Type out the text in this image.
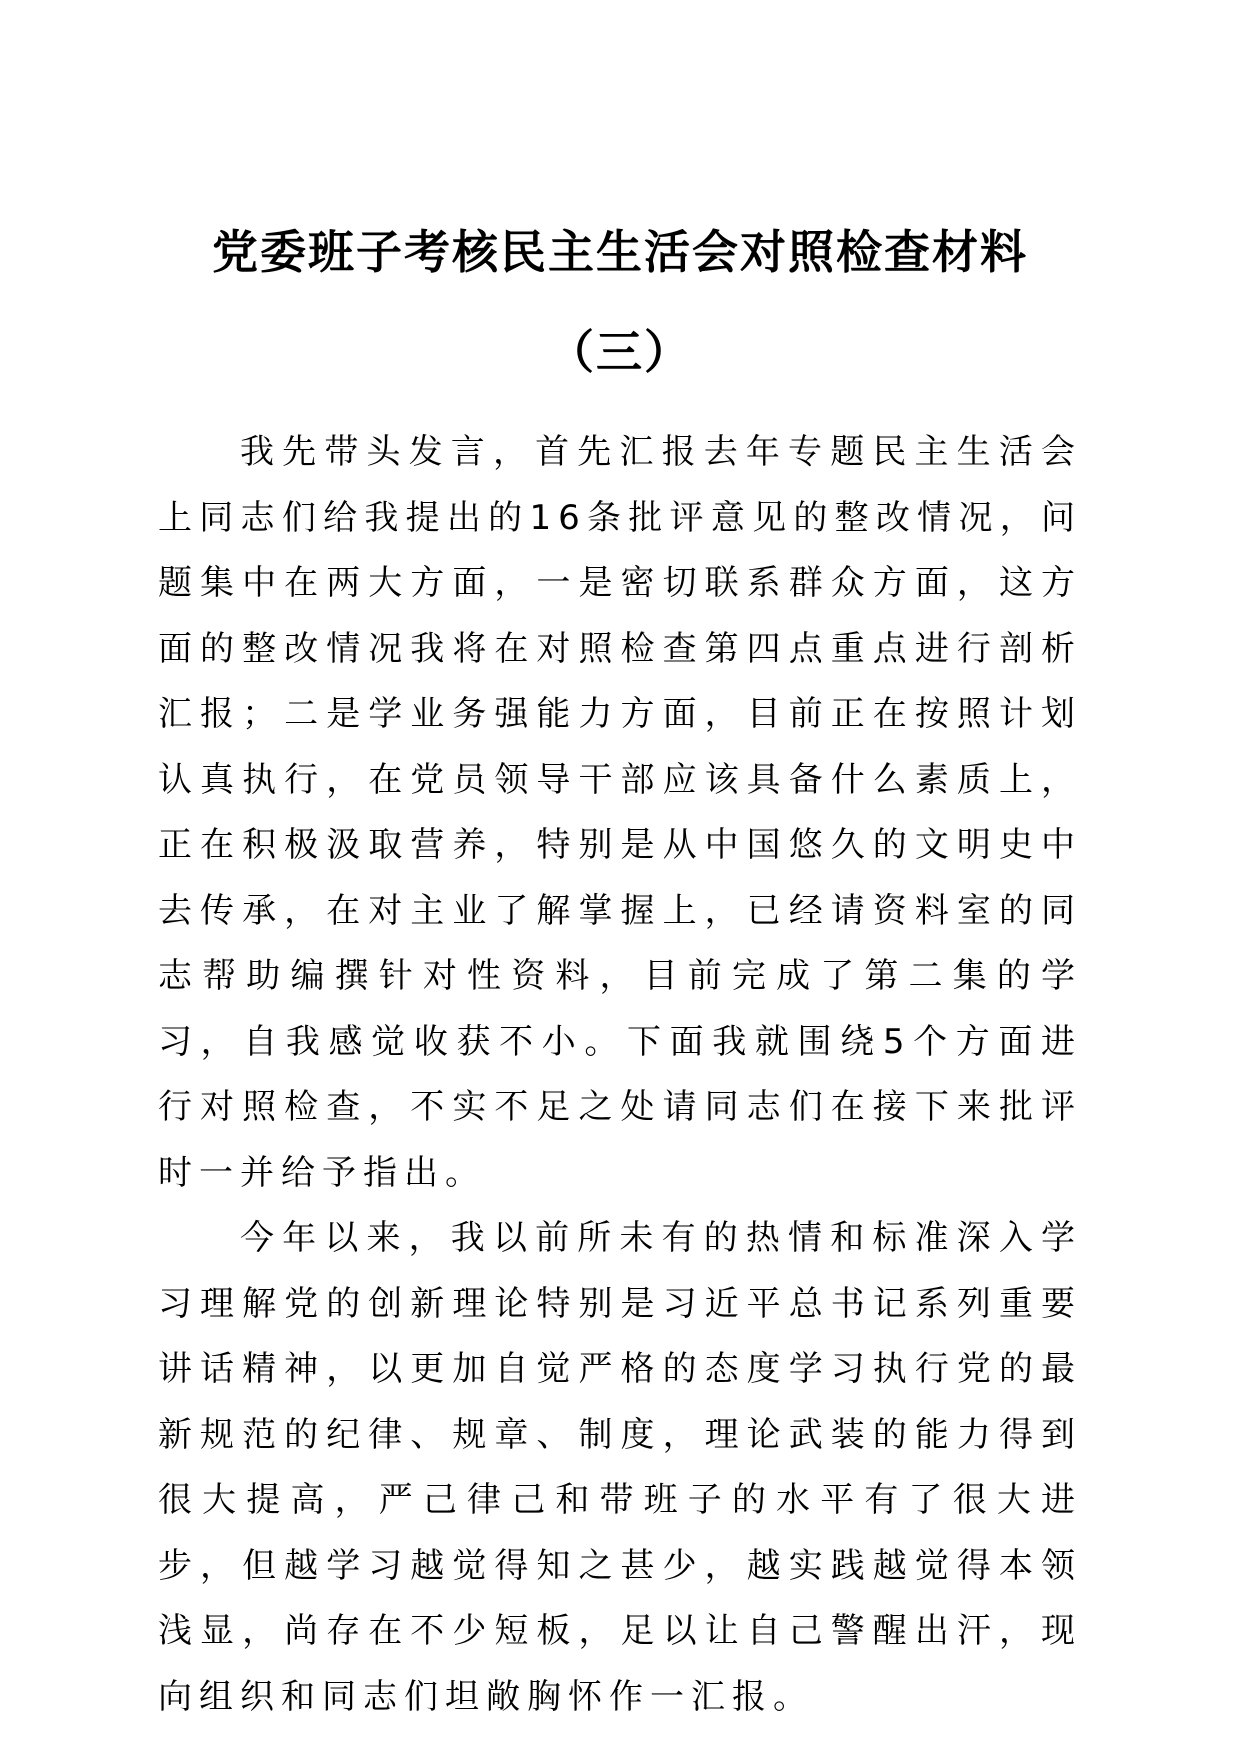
党委班子考核民主生活会对照检查材料
（三）

我先带头发言，首先汇报去年专题民主生活会上同志们给我提出的16条批评意见的整改情况，问题集中在两大方面，一是密切联系群众方面，这方面的整改情况我将在对照检查第四点重点进行剖析汇报；二是学业务强能力方面，目前正在按照计划认真执行，在党员领导干部应该具备什么素质上，正在积极汲取营养，特别是从中国悠久的文明史中去传承，在对主业了解掌握上，已经请资料室的同志帮助编撰针对性资料，目前完成了第二集的学习，自我感觉收获不小。下面我就围绕5个方面进行对照检查，不实不足之处请同志们在接下来批评时一并给予指出。

今年以来，我以前所未有的热情和标准深入学习理解党的创新理论特别是习近平总书记系列重要讲话精神，以更加自觉严格的态度学习执行党的最新规范的纪律、规章、制度，理论武装的能力得到很大提高，严己律己和带班子的水平有了很大进步，但越学习越觉得知之甚少，越实践越觉得本领浅显，尚存在不少短板，足以让自己警醒出汗，现向组织和同志们坦敞胸怀作一汇报。
